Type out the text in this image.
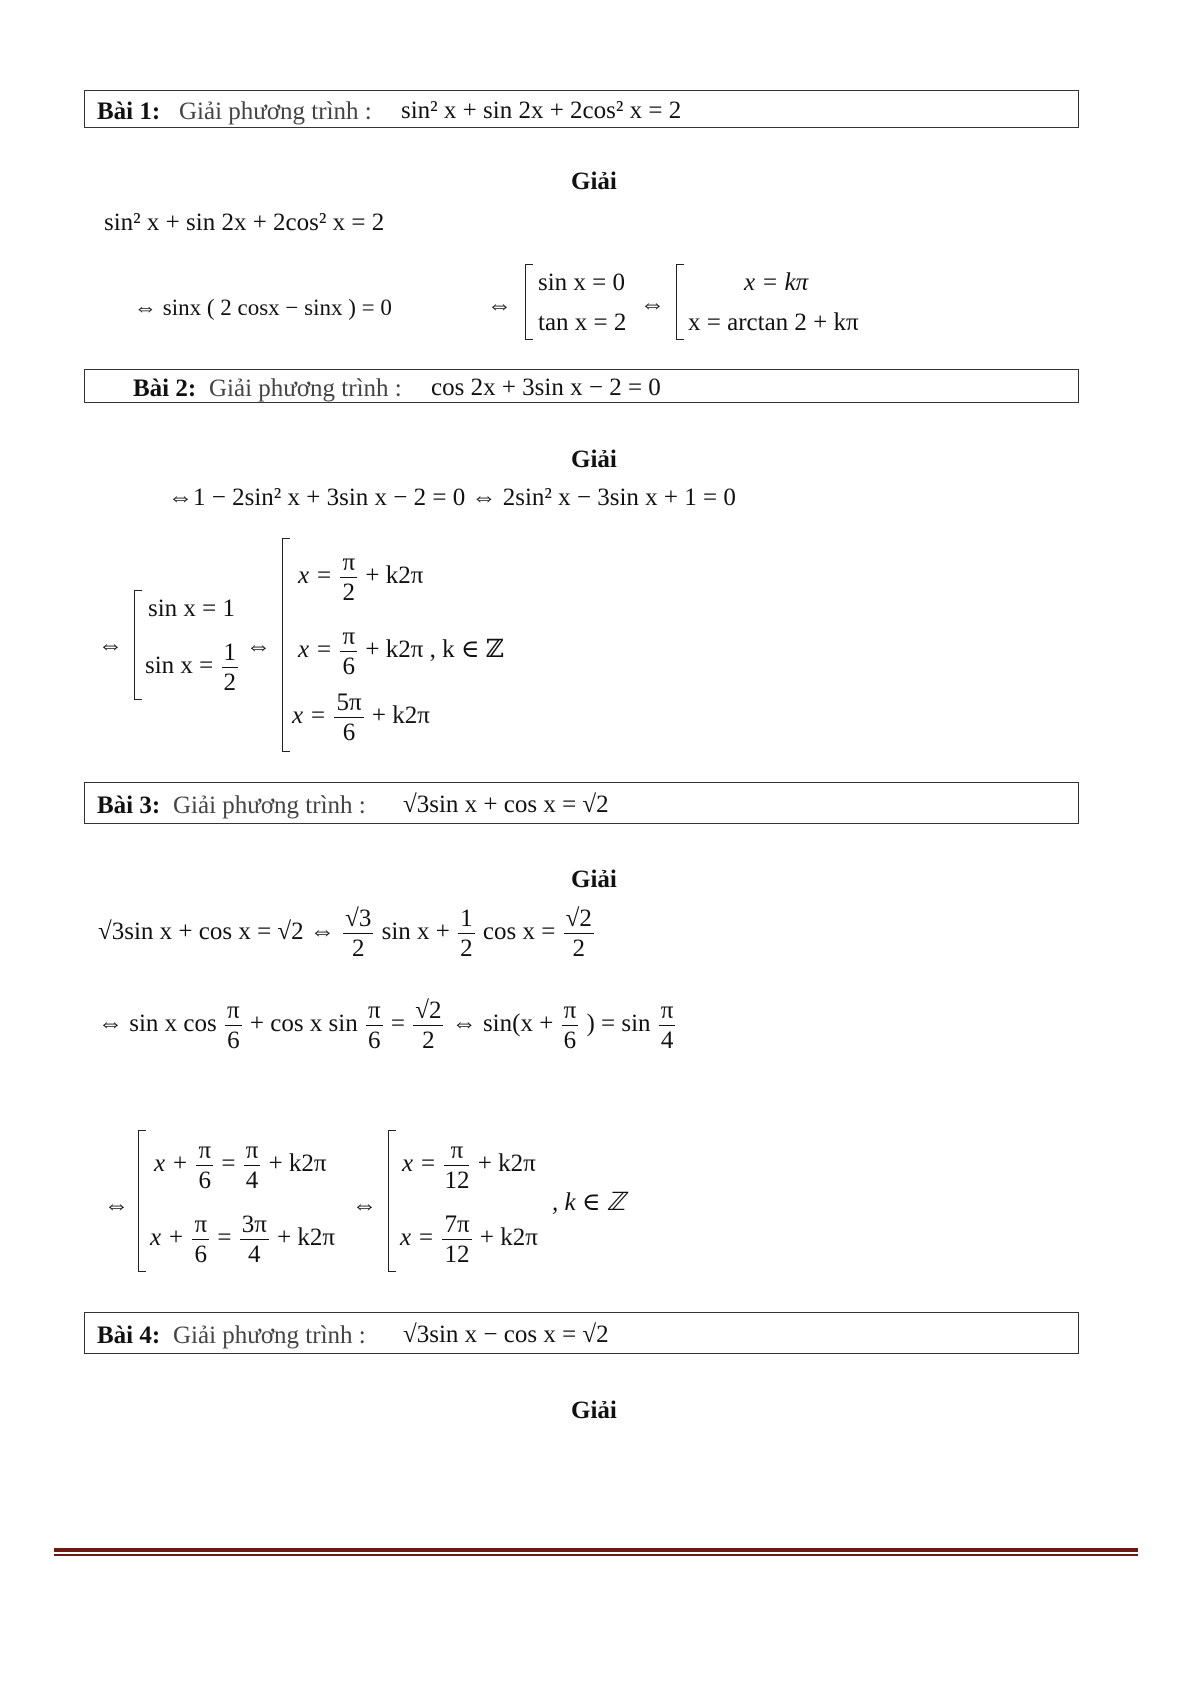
Bài 1: Giải phương trình : sin² x + sin 2x + 2cos² x = 2
Giải
sin² x + sin 2x + 2cos² x = 2
⇔ sinx ( 2 cosx − sinx ) = 0	⇔
sin x = 0
tan x = 2
⇔
x = kπ
x = arctan 2 + kπ
Bài 2: Giải phương trình : cos 2x + 3sin x − 2 = 0
Giải
⇔1 − 2sin² x + 3sin x − 2 = 0 ⇔ 2sin² x − 3sin x + 1 = 0
⇔
sin x = 1
$\sin x = \frac{1}{2}$ ⇔
$x = \frac{\pi}{2} + k2\pi$
$x = \frac{\pi}{6} + k2\pi$ , k ∈ ℤ
$x = \frac{5\pi}{6} + k2\pi$
Bài 3: Giải phương trình : √3sin x + cos x = √2
Giải
√3sin x + cos x = √2 ⇔ $\frac{√3}{2}$ $\sin x + \frac{1}{2}$ $\cos x = \frac{√2}{2}$
⇔ sin x $\cos \frac{\pi}{6} + \cos x$ $\sin \frac{\pi}{6} = \frac{√2}{2}$ ⇔ $\sin(x + \frac{\pi}{6}$ ) = $\sin \frac{\pi}{4}$
⇔
$x + \frac{\pi}{6} = \frac{\pi}{4} + k2\pi$
$x + \frac{\pi}{6} = \frac{3\pi}{4} + k2\pi$
⇔
$x = \frac{\pi}{12} + k2\pi$
$x = \frac{7\pi}{12} + k2\pi$
, k ∈ ℤ
Bài 4: Giải phương trình : √3sin x − cos x = √2
Giải
